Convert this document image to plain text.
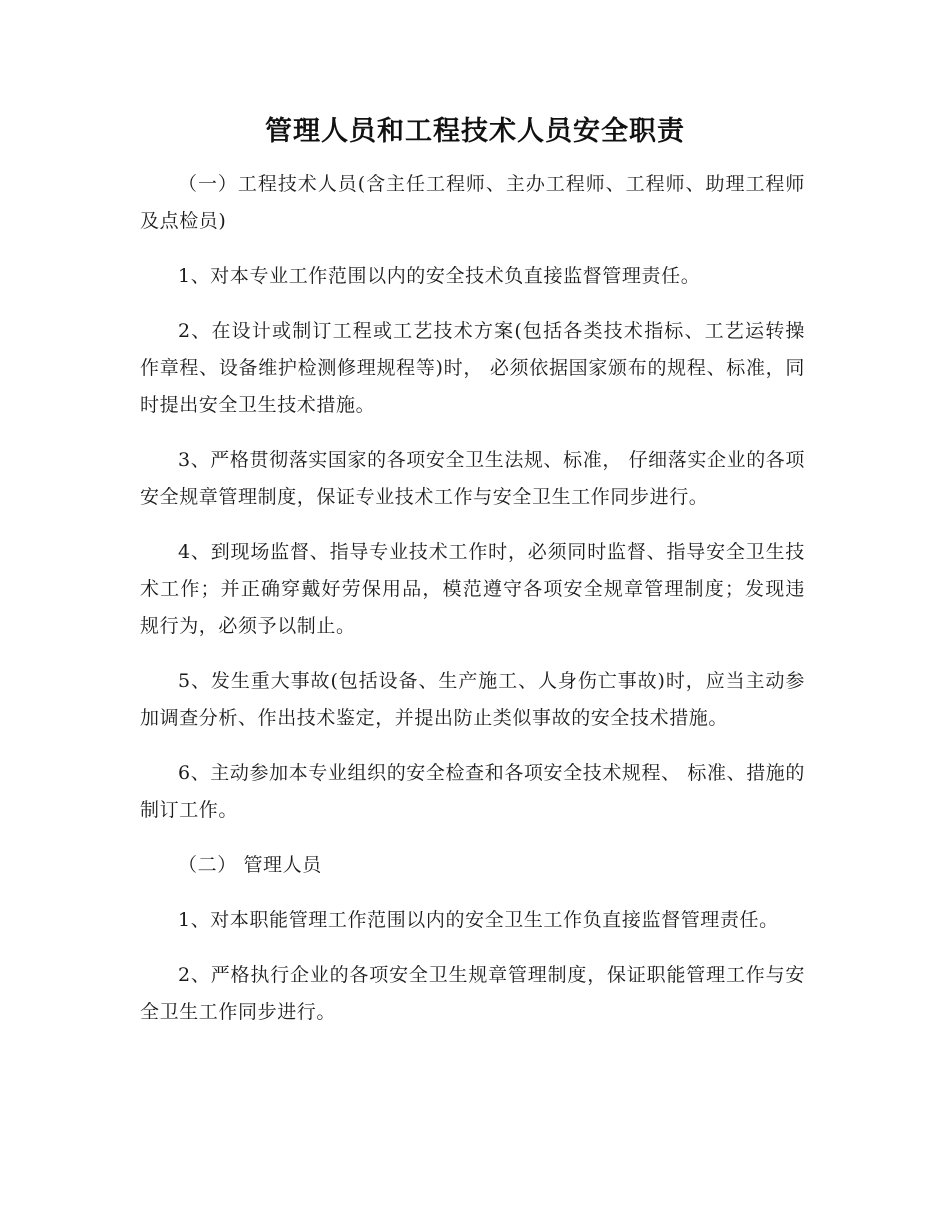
管理人员和工程技术人员安全职责

（一）工程技术人员(含主任工程师、主办工程师、工程师、助理工程师及点检员)

1、对本专业工作范围以内的安全技术负直接监督管理责任。

2、在设计或制订工程或工艺技术方案(包括各类技术指标、工艺运转操作章程、设备维护检测修理规程等)时， 必须依据国家颁布的规程、标准，同时提出安全卫生技术措施。

3、严格贯彻落实国家的各项安全卫生法规、标准， 仔细落实企业的各项安全规章管理制度，保证专业技术工作与安全卫生工作同步进行。

4、到现场监督、指导专业技术工作时，必须同时监督、指导安全卫生技术工作；并正确穿戴好劳保用品，模范遵守各项安全规章管理制度；发现违规行为，必须予以制止。

5、发生重大事故(包括设备、生产施工、人身伤亡事故)时，应当主动参加调查分析、作出技术鉴定，并提出防止类似事故的安全技术措施。

6、主动参加本专业组织的安全检查和各项安全技术规程、 标准、措施的制订工作。

（二） 管理人员

1、对本职能管理工作范围以内的安全卫生工作负直接监督管理责任。

2、严格执行企业的各项安全卫生规章管理制度，保证职能管理工作与安全卫生工作同步进行。
